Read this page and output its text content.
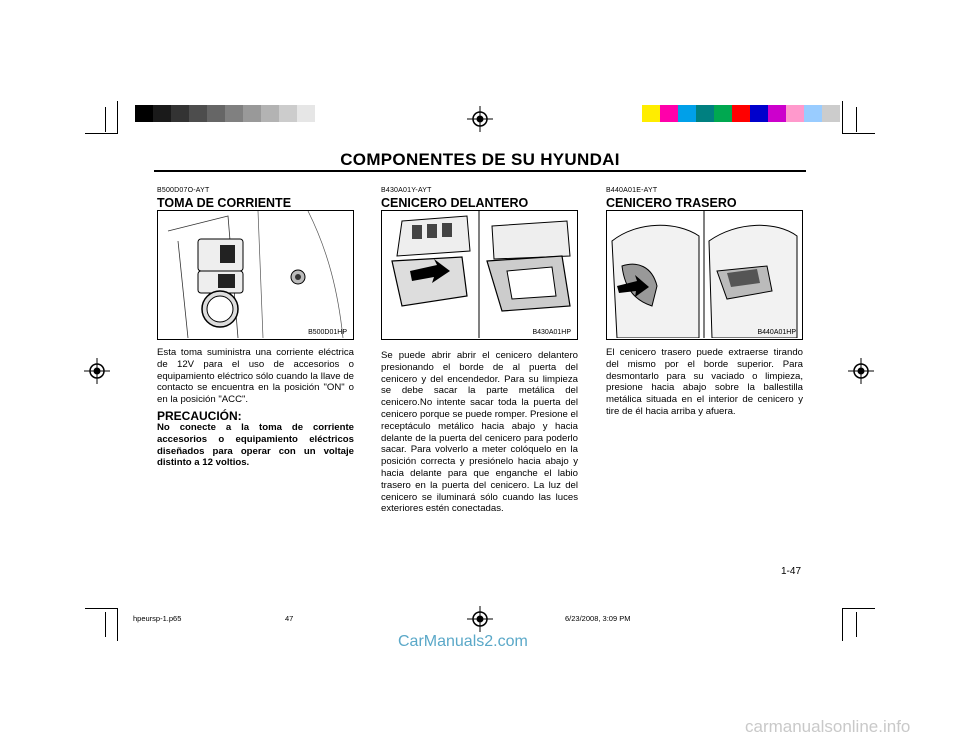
COMPONENTES DE SU HYUNDAI
B500D07O-AYT
TOMA DE CORRIENTE
B500D01HP
Esta toma suministra una corriente eléctrica de 12V para el uso de accesorios o equipamiento eléctrico sólo cuando la llave de contacto se encuentra en la posición "ON" o en la posición "ACC".
PRECAUCIÓN:
No conecte a la toma de corriente accesorios o equipamiento eléctricos diseñados para operar con un voltaje distinto a 12 voltios.
B430A01Y-AYT
CENICERO DELANTERO
B430A01HP
Se puede abrir abrir el cenicero delantero presionando el borde de al puerta del cenicero y del encendedor. Para su limpieza se debe sacar la parte metálica del cenicero.No intente sacar toda la puerta del cenicero porque se puede romper. Presione el receptáculo metálico hacia abajo y hacia delante de la puerta del cenicero para poderlo sacar. Para volverlo a meter colóquelo en la posición correcta y presiónelo hacia abajo y hacia delante para que enganche el labio trasero en la puerta del cenicero. La luz del cenicero se iluminará sólo cuando las luces exteriores estén conectadas.
B440A01E-AYT
CENICERO TRASERO
B440A01HP
El cenicero trasero puede extraerse tirando del mismo por el borde superior. Para desmontarlo para su vaciado o limpieza, presione hacia abajo sobre la ballestilla metálica situada en el interior de cenicero y tire de él hacia arriba y afuera.
1-47
hpeursp-1.p65	47	6/23/2008, 3:09 PM
CarManuals2.com
carmanualsonline.info
